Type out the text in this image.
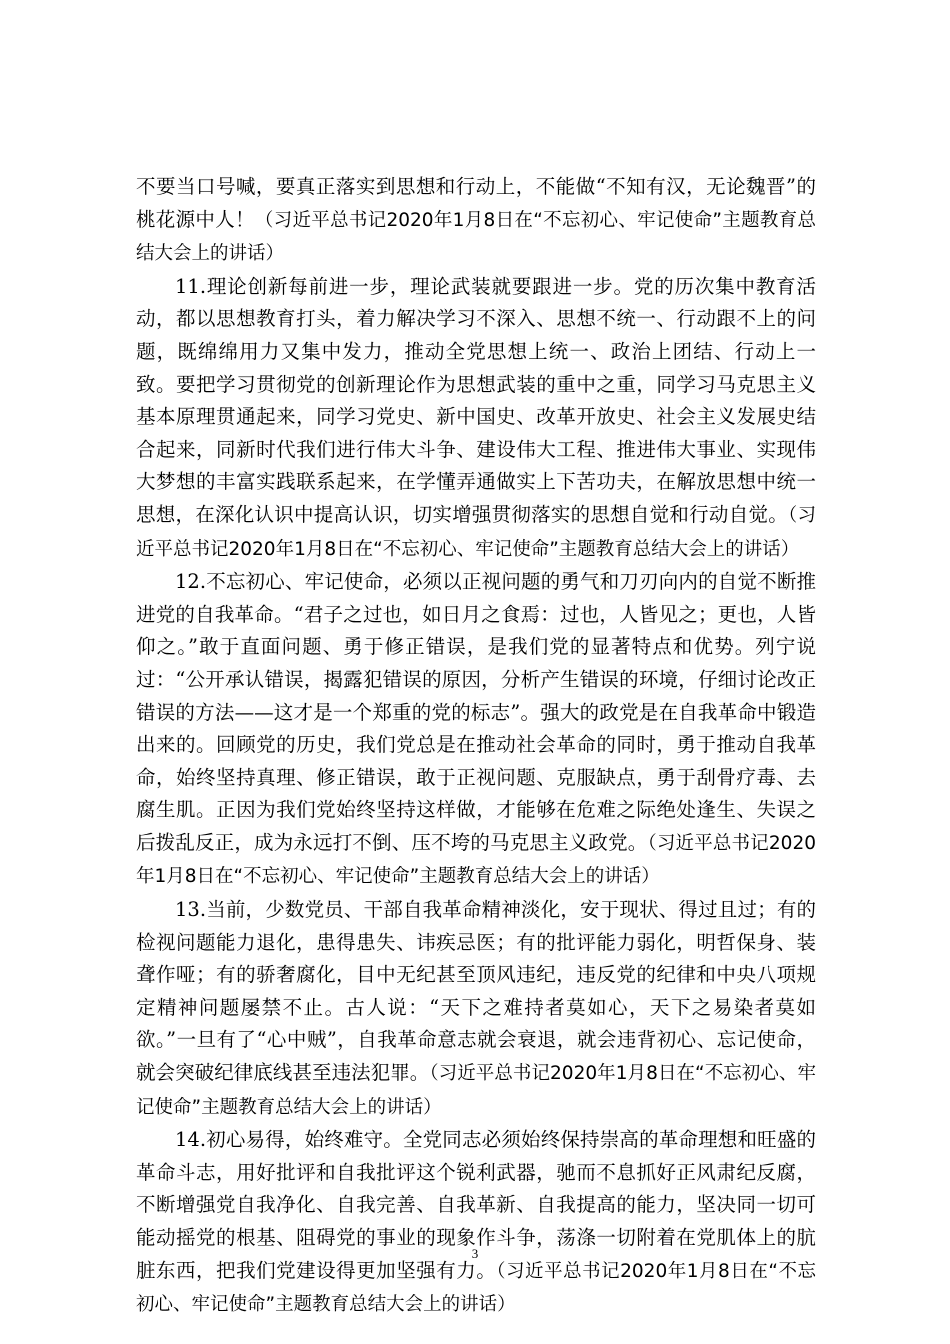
不要当口号喊，要真正落实到思想和行动上，不能做“不知有汉，无论魏晋”的桃花源中人！（习近平总书记2020年1月8日在“不忘初心、牢记使命”主题教育总结大会上的讲话）

11.理论创新每前进一步，理论武装就要跟进一步。党的历次集中教育活动，都以思想教育打头，着力解决学习不深入、思想不统一、行动跟不上的问题，既绵绵用力又集中发力，推动全党思想上统一、政治上团结、行动上一致。要把学习贯彻党的创新理论作为思想武装的重中之重，同学习马克思主义基本原理贯通起来，同学习党史、新中国史、改革开放史、社会主义发展史结合起来，同新时代我们进行伟大斗争、建设伟大工程、推进伟大事业、实现伟大梦想的丰富实践联系起来，在学懂弄通做实上下苦功夫，在解放思想中统一思想，在深化认识中提高认识，切实增强贯彻落实的思想自觉和行动自觉。（习近平总书记2020年1月8日在“不忘初心、牢记使命”主题教育总结大会上的讲话）

12.不忘初心、牢记使命，必须以正视问题的勇气和刀刃向内的自觉不断推进党的自我革命。“君子之过也，如日月之食焉：过也，人皆见之；更也，人皆仰之。”敢于直面问题、勇于修正错误，是我们党的显著特点和优势。列宁说过：“公开承认错误，揭露犯错误的原因，分析产生错误的环境，仔细讨论改正错误的方法——这才是一个郑重的党的标志”。强大的政党是在自我革命中锻造出来的。回顾党的历史，我们党总是在推动社会革命的同时，勇于推动自我革命，始终坚持真理、修正错误，敢于正视问题、克服缺点，勇于刮骨疗毒、去腐生肌。正因为我们党始终坚持这样做，才能够在危难之际绝处逢生、失误之后拨乱反正，成为永远打不倒、压不垮的马克思主义政党。（习近平总书记2020年1月8日在“不忘初心、牢记使命”主题教育总结大会上的讲话）

13.当前，少数党员、干部自我革命精神淡化，安于现状、得过且过；有的检视问题能力退化，患得患失、讳疾忌医；有的批评能力弱化，明哲保身、装聋作哑；有的骄奢腐化，目中无纪甚至顶风违纪，违反党的纪律和中央八项规定精神问题屡禁不止。古人说：“天下之难持者莫如心，天下之易染者莫如欲。”一旦有了“心中贼”，自我革命意志就会衰退，就会违背初心、忘记使命，就会突破纪律底线甚至违法犯罪。（习近平总书记2020年1月8日在“不忘初心、牢记使命”主题教育总结大会上的讲话）

14.初心易得，始终难守。全党同志必须始终保持崇高的革命理想和旺盛的革命斗志，用好批评和自我批评这个锐利武器，驰而不息抓好正风肃纪反腐，不断增强党自我净化、自我完善、自我革新、自我提高的能力，坚决同一切可能动摇党的根基、阻碍党的事业的现象作斗争，荡涤一切附着在党肌体上的肮脏东西，把我们党建设得更加坚强有力。（习近平总书记2020年1月8日在“不忘初心、牢记使命”主题教育总结大会上的讲话）

3
